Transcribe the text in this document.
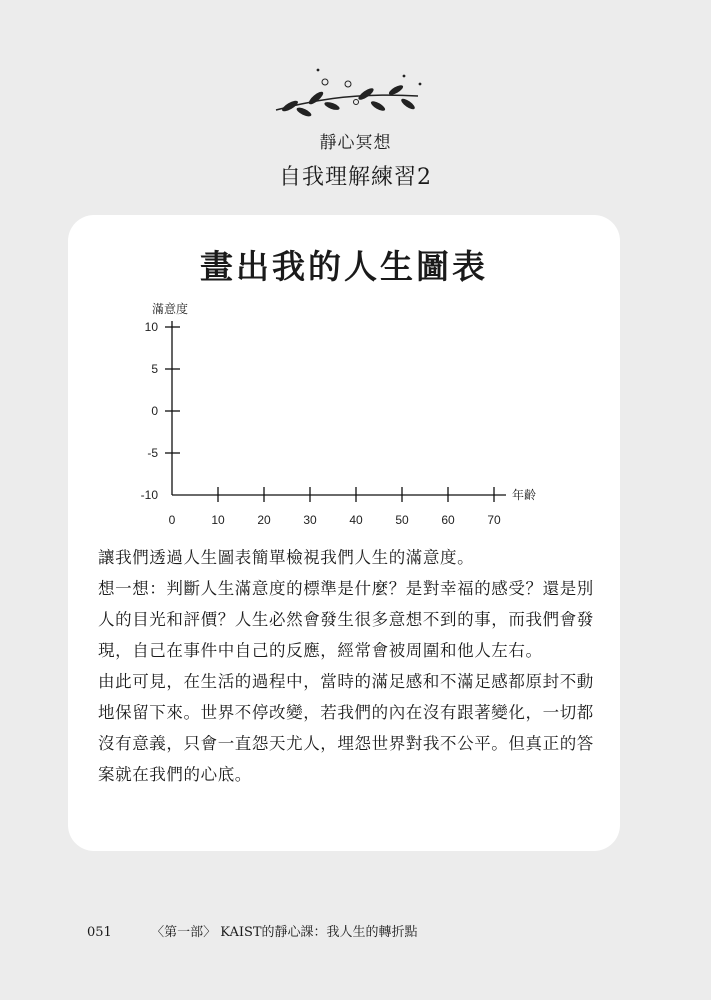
靜心冥想
自我理解練習2
畫出我的人生圖表
10
5
0
-5
-10
0	10	20	30	40	50	60	70
滿意度
年齡

讓我們透過人生圖表簡單檢視我們人生的滿意度。

想一想：判斷人生滿意度的標準是什麼？是對幸福的感受？還是別人的目光和評價？人生必然會發生很多意想不到的事，而我們會發現，自己在事件中自己的反應，經常會被周圍和他人左右。

由此可見，在生活的過程中，當時的滿足感和不滿足感都原封不動地保留下來。世界不停改變，若我們的內在沒有跟著變化，一切都沒有意義，只會一直怨天尤人，埋怨世界對我不公平。但真正的答案就在我們的心底。

051	〈第一部〉 KAIST的靜心課：我人生的轉折點
